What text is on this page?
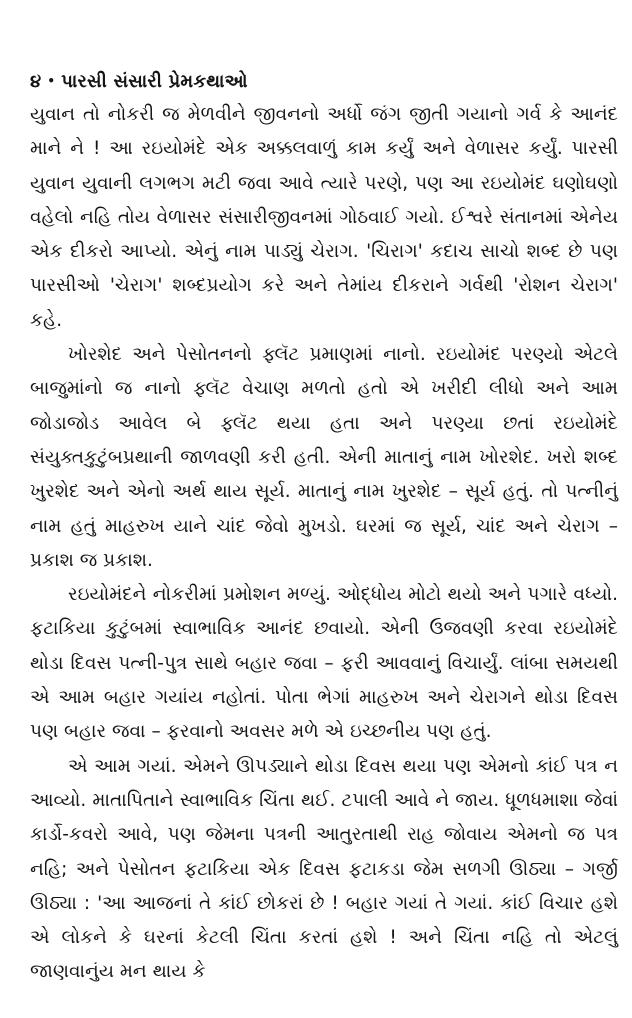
૪ • પારસી સંસારી પ્રેમકથાઓ

યુવાન તો નોકરી જ મેળવીને જીવનનો અર્ધો જંગ જીતી ગયાનો ગર્વ કે આનંદ માને ને ! આ રઇયોમંદે એક અક્કલવાળું કામ કર્યું અને વેળાસર કર્યું. પારસી યુવાન યુવાની લગભગ મટી જવા આવે ત્યારે પરણે, પણ આ રઇયોમંદ ઘણોઘણો વહેલો નહિ તોય વેળાસર સંસારીજીવનમાં ગોઠવાઈ ગયો. ઈશ્વરે સંતાનમાં એનેય એક દીકરો આપ્યો. એનું નામ પાડ્યું ચેરાગ. 'ચિરાગ' કદાચ સાચો શબ્દ છે પણ પારસીઓ 'ચેરાગ' શબ્દપ્રયોગ કરે અને તેમાંય દીકરાને ગર્વથી 'રોશન ચેરાગ' કહે.

ખોરશેદ અને પેસોતનનો ફ્લૅટ પ્રમાણમાં નાનો. રઇયોમંદ પરણ્યો એટલે બાજુમાંનો જ નાનો ફ્લૅટ વેચાણ મળતો હતો એ ખરીદી લીધો અને આમ જોડાજોડ આવેલ બે ફ્લૅટ થયા હતા અને પરણ્યા છતાં રઇયોમંદે સંયુક્તકુટુંબપ્રથાની જાળવણી કરી હતી. એની માતાનું નામ ખોરશેદ. ખરો શબ્દ ખુરશેદ અને એનો અર્થ થાય સૂર્ય. માતાનું નામ ખુરશેદ – સૂર્ય હતું. તો પત્નીનું નામ હતું માહરુખ યાને ચાંદ જેવો મુખડો. ઘરમાં જ સૂર્ય, ચાંદ અને ચેરાગ – પ્રકાશ જ પ્રકાશ.

રઇયોમંદને નોકરીમાં પ્રમોશન મળ્યું. ઓદ્ધોય મોટો થયો અને પગારે વધ્યો. ફટાકિયા કુટુંબમાં સ્વાભાવિક આનંદ છવાયો. એની ઉજવણી કરવા રઇયોમંદે થોડા દિવસ પત્ની-પુત્ર સાથે બહાર જવા – ફરી આવવાનું વિચાર્યું. લાંબા સમયથી એ આમ બહાર ગયાંય નહોતાં. પોતા ભેગાં માહરુખ અને ચેરાગને થોડા દિવસ પણ બહાર જવા – ફરવાનો અવસર મળે એ ઇચ્છનીય પણ હતું.

એ આમ ગયાં. એમને ઊપડ્યાને થોડા દિવસ થયા પણ એમનો કાંઈ પત્ર ન આવ્યો. માતાપિતાને સ્વાભાવિક ચિંતા થઈ. ટપાલી આવે ને જાય. ધૂળધમાશા જેવાં કાર્ડો-કવરો આવે, પણ જેમના પત્રની આતુરતાથી રાહ જોવાય એમનો જ પત્ર નહિ; અને પેસોતન ફટાકિયા એક દિવસ ફટાકડા જેમ સળગી ઊઠ્યા – ગર્જી ઊઠ્યા : 'આ આજનાં તે કાંઈ છોકરાં છે ! બહાર ગયાં તે ગયાં. કાંઈ વિચાર હશે એ લોકને કે ઘરનાં કેટલી ચિંતા કરતાં હશે ! અને ચિંતા નહિ તો એટલું જાણવાનુંય મન થાય કે
